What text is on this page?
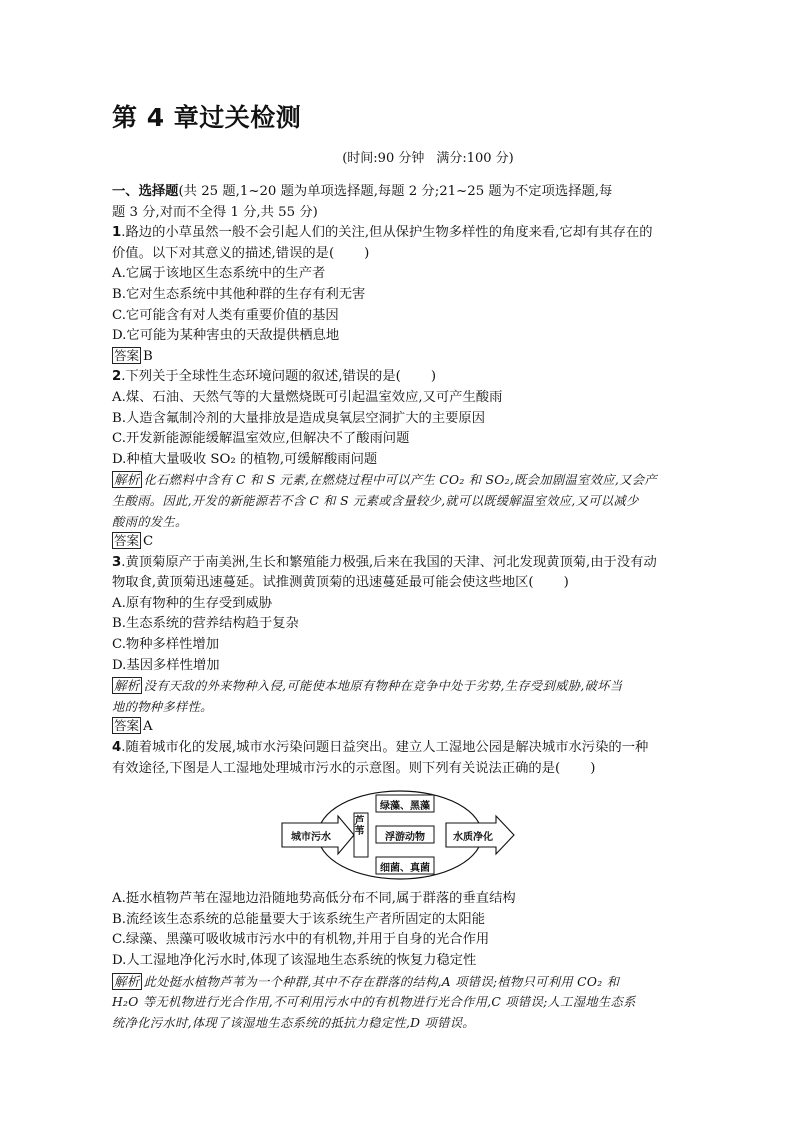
第 4 章过关检测

(时间:90 分钟 满分:100 分)

一、选择题(共 25 题,1~20 题为单项选择题,每题 2 分;21~25 题为不定项选择题,每

题 3 分,对而不全得 1 分,共 55 分)

1.路边的小草虽然一般不会引起人们的关注,但从保护生物多样性的角度来看,它却有其存在的

价值。以下对其意义的描述,错误的是( )

A.它属于该地区生态系统中的生产者

B.它对生态系统中其他种群的生存有利无害

C.它可能含有对人类有重要价值的基因

D.它可能为某种害虫的天敌提供栖息地

答案 B

2.下列关于全球性生态环境问题的叙述,错误的是( )

A.煤、石油、天然气等的大量燃烧既可引起温室效应,又可产生酸雨

B.人造含氟制冷剂的大量排放是造成臭氧层空洞扩大的主要原因

C.开发新能源能缓解温室效应,但解决不了酸雨问题

D.种植大量吸收 SO₂ 的植物,可缓解酸雨问题

解析 化石燃料中含有 C 和 S 元素,在燃烧过程中可以产生 CO₂ 和 SO₂,既会加剧温室效应,又会产

生酸雨。因此,开发的新能源若不含 C 和 S 元素或含量较少,就可以既缓解温室效应,又可以减少

酸雨的发生。

答案 C

3.黄顶菊原产于南美洲,生长和繁殖能力极强,后来在我国的天津、河北发现黄顶菊,由于没有动

物取食,黄顶菊迅速蔓延。试推测黄顶菊的迅速蔓延最可能会使这些地区( )

A.原有物种的生存受到威胁

B.生态系统的营养结构趋于复杂

C.物种多样性增加

D.基因多样性增加

解析 没有天敌的外来物种入侵,可能使本地原有物种在竞争中处于劣势,生存受到威胁,破坏当

地的物种多样性。

答案 A

4.随着城市化的发展,城市水污染问题日益突出。建立人工湿地公园是解决城市水污染的一种

有效途径,下图是人工湿地处理城市污水的示意图。则下列有关说法正确的是( )

城市污水
芦苇
绿藻、黑藻
浮游动物
细菌、真菌
水质净化

A.挺水植物芦苇在湿地边沿随地势高低分布不同,属于群落的垂直结构

B.流经该生态系统的总能量要大于该系统生产者所固定的太阳能

C.绿藻、黑藻可吸收城市污水中的有机物,并用于自身的光合作用

D.人工湿地净化污水时,体现了该湿地生态系统的恢复力稳定性

解析 此处挺水植物芦苇为一个种群,其中不存在群落的结构,A 项错误;植物只可利用 CO₂ 和

H₂O 等无机物进行光合作用,不可利用污水中的有机物进行光合作用,C 项错误;人工湿地生态系

统净化污水时,体现了该湿地生态系统的抵抗力稳定性,D 项错误。
